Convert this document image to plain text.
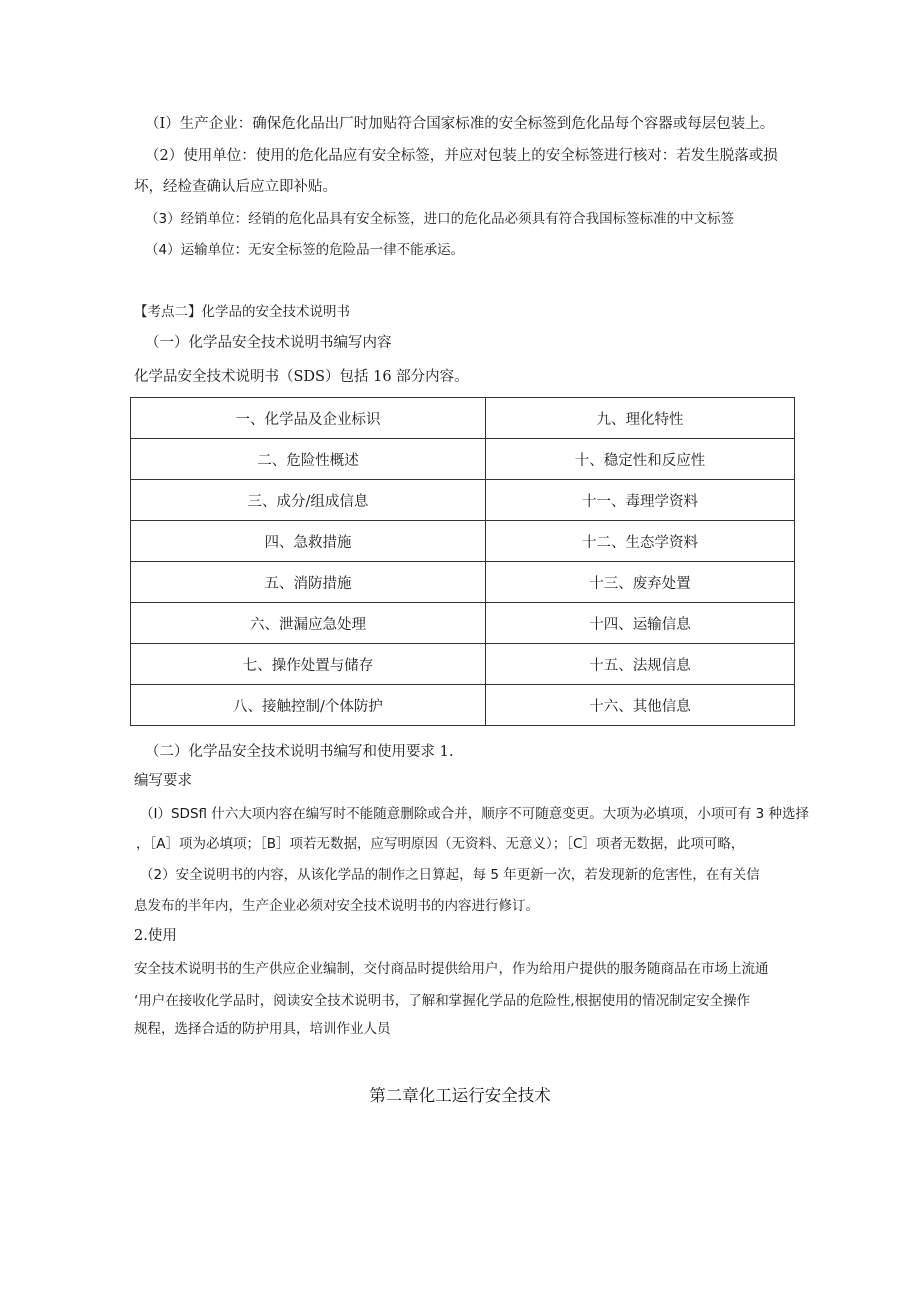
（I）生产企业：确保危化品出厂时加贴符合国家标准的安全标签到危化品每个容器或每层包装上。
（2）使用单位：使用的危化品应有安全标签，并应对包装上的安全标签进行核对：若发生脱落或损
坏，经检查确认后应立即补贴。
（3）经销单位：经销的危化品具有安全标签，进口的危化品必须具有符合我国标签标准的中文标签
（4）运输单位：无安全标签的危险品一律不能承运。
【考点二】化学品的安全技术说明书
（一）化学品安全技术说明书编写内容
化学品安全技术说明书（SDS）包括 16 部分内容。
一、化学品及企业标识	九、理化特性
二、危险性概述	十、稳定性和反应性
三、成分/组成信息	十一、毒理学资料
四、急救措施	十二、生态学资料
五、消防措施	十三、废弃处置
六、泄漏应急处理	十四、运输信息
七、操作处置与储存	十五、法规信息
八、接触控制/个体防护	十六、其他信息
（二）化学品安全技术说明书编写和使用要求 1.
编写要求
（I）SDSfl 什六大项内容在编写时不能随意删除或合并，顺序不可随意变更。大项为必填项，小项可有 3 种选择
，［A］项为必填项；［B］项若无数据，应写明原因（无资料、无意义）；［C］项者无数据，此项可略，
（2）安全说明书的内容，从该化学品的制作之日算起，每 5 年更新一次，若发现新的危害性，在有关信
息发布的半年内，生产企业必须对安全技术说明书的内容进行修订。
2.使用
安全技术说明书的生产供应企业编制，交付商品时提供给用户，作为给用户提供的服务随商品在市场上流通
‘用户在接收化学品时，阅读安全技术说明书，了解和掌握化学品的危险性,根据使用的情况制定安全操作
规程，选择合适的防护用具，培训作业人员
第二章化工运行安全技术
